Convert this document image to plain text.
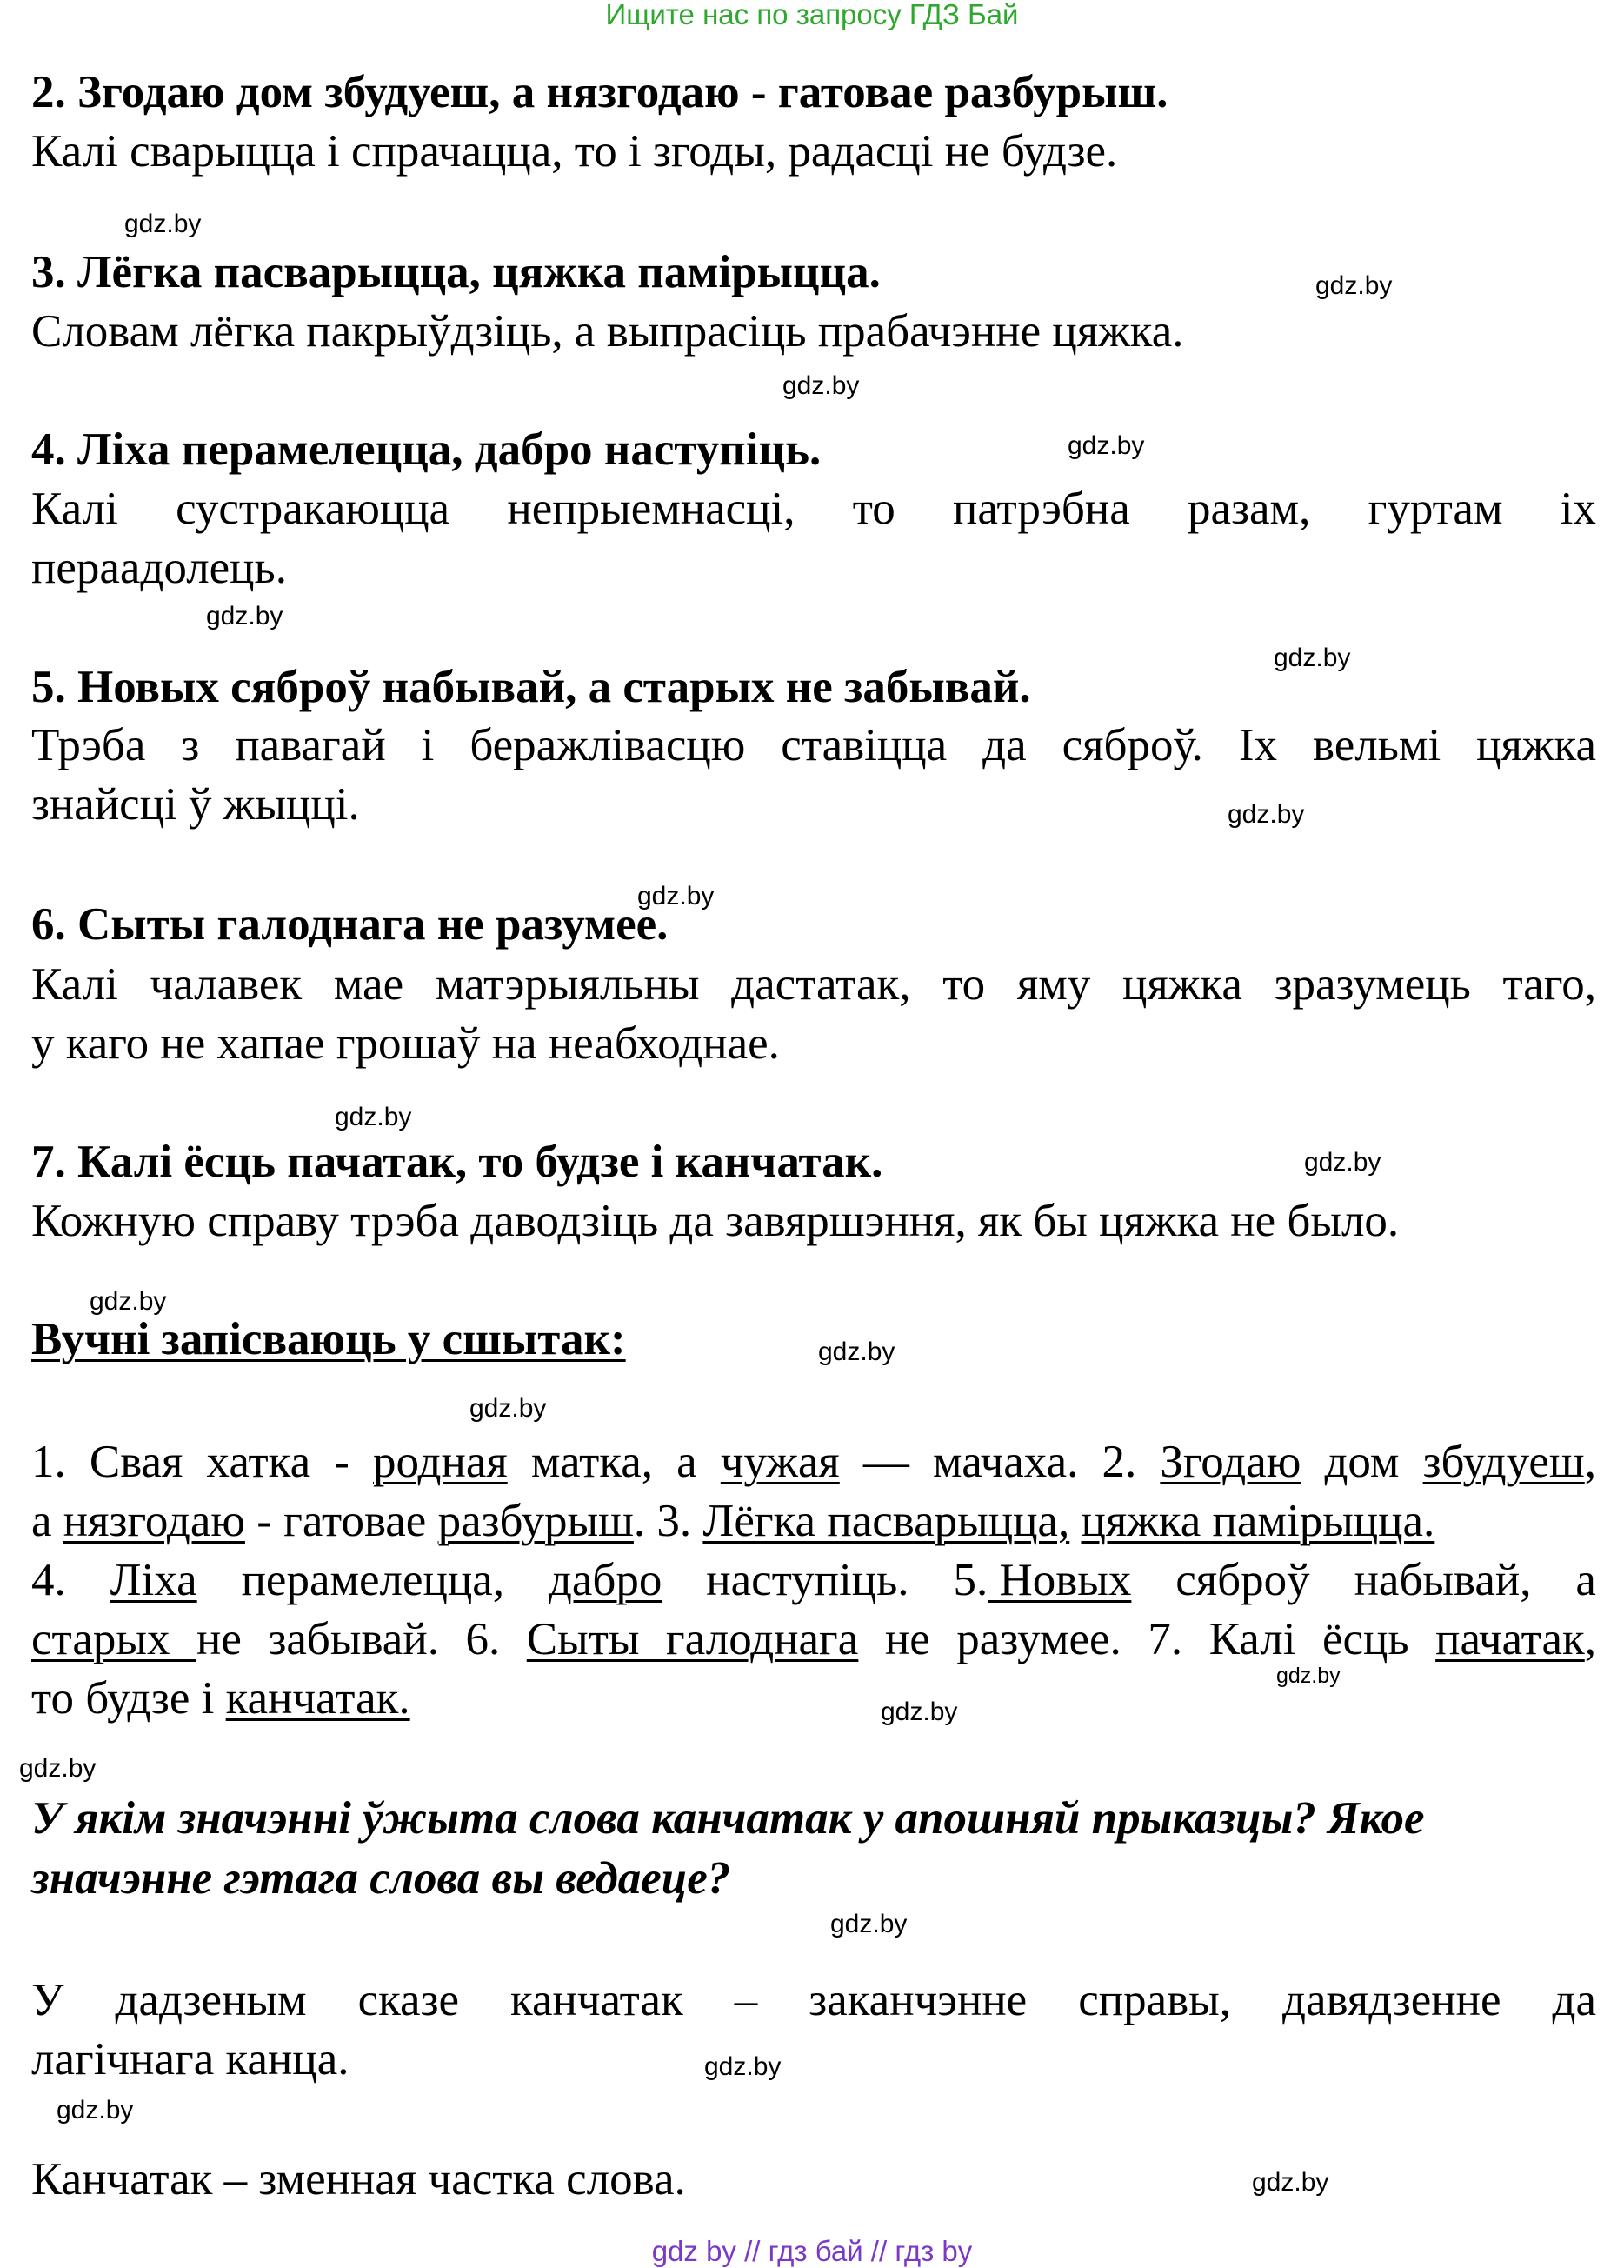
Ищите нас по запросу ГДЗ Бай
2. Згодаю дом збудуеш, а нязгодаю - гатовае разбурыш.
Калі сварыцца і спрачацца, то і згоды, радасці не будзе.
gdz.by
3. Лёгка пасварыцца, цяжка памірыцца.	gdz.by
Словам лёгка пакрыўдзіць, а выпрасіць прабачэнне цяжка.
gdz.by
4. Ліха перамелецца, дабро наступіць.	gdz.by
Калі сустракаюцца непрыемнасці, то патрэбна разам, гуртам іх
пераадолець.
gdz.by
gdz.by
5. Новых сяброў набывай, а старых не забывай.
Трэба з павагай і беражлівасцю ставіцца да сяброў. Іх вельмі цяжка
знайсці ў жыцці.	gdz.by
gdz.by
6. Сыты галоднага не разумее.
Калі чалавек мае матэрыяльны дастатак, то яму цяжка зразумець таго,
у каго не хапае грошаў на неабходнае.
gdz.by
7. Калі ёсць пачатак, то будзе і канчатак.	gdz.by
Кожную справу трэба даводзіць да завяршэння, як бы цяжка не было.
gdz.by
Вучні запісваюць у сшытак:	gdz.by
gdz.by
1. Свая хатка - родная матка, а чужая — мачаха. 2. Згодаю дом збудуеш,
а нязгодаю - гатовае разбурыш. 3. Лёгка пасварыцца, цяжка памірыцца.
4. Ліха перамелецца, дабро наступіць. 5. Новых сяброў набывай, а
старых не забывай. 6. Сыты галоднага не разумее. 7. Калі ёсць пачатак,
gdz.by
то будзе і канчатак.	gdz.by
gdz.by
У якім значэнні ўжыта слова канчатак у апошняй прыказцы? Якое
значэнне гэтага слова вы ведаеце?
gdz.by
У дадзеным сказе канчатак – заканчэнне справы, давядзенне да
лагічнага канца.	gdz.by
gdz.by
Канчатак – зменная частка слова.	gdz.by
gdz by // гдз бай // гдз by
